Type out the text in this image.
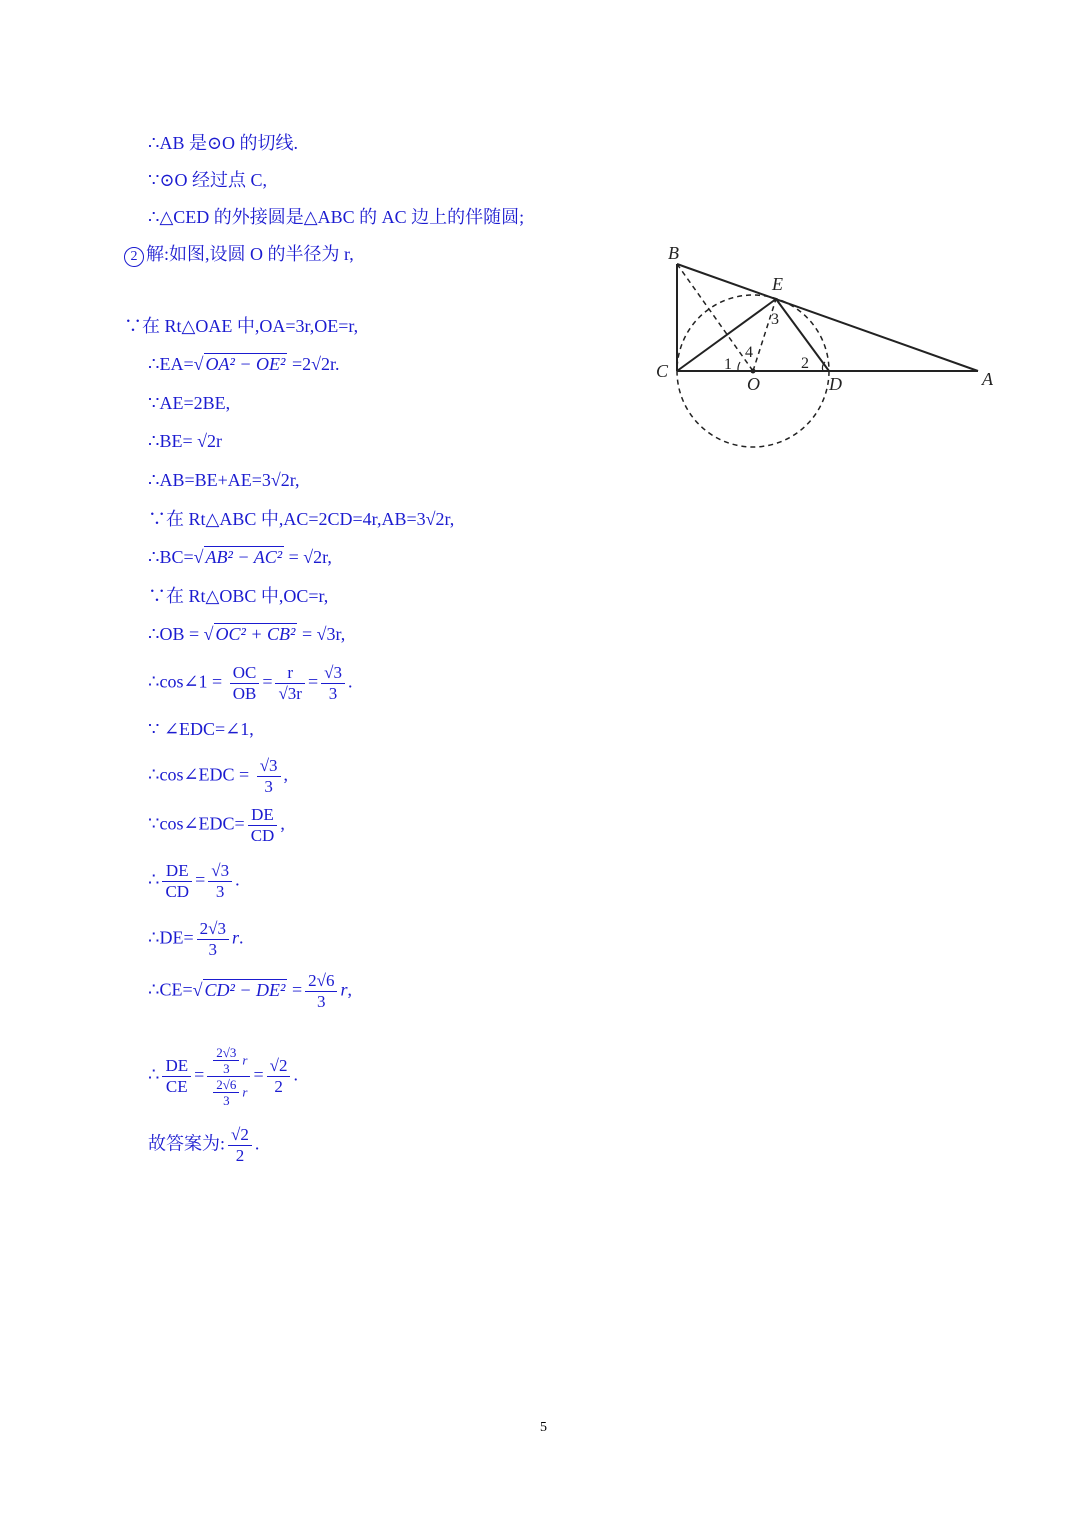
∴AB 是⊙O 的切线.
∵⊙O 经过点 C,
∴△CED 的外接圆是△ABC 的 AC 边上的伴随圆;
2 解:如图,设圆 O 的半径为 r,
∵在 Rt△OAE 中,OA=3r,OE=r,
∴EA=√ OA² − OE² =2√2r.
∵AE=2BE,
∴BE= √2r
∴AB=BE+AE=3√2r,
∵在 Rt△ABC 中,AC=2CD=4r,AB=3√2r,
∴BC=√ AB² − AC² = √2r,
∵在 Rt△OBC 中,OC=r,
∴OB = √ OC² + CB² = √3r,
∴cos∠1 = $\frac{OC}{OB} = \frac{r}{√3r} = \frac{√3}{3}$ .
∵ ∠EDC=∠1,
∴cos∠EDC = $\frac{√3}{3}$ ,
∵cos∠EDC= $\frac{DE}{CD}$ ,
∴ $\frac{DE}{CD} = \frac{√3}{3}$ .
∴DE= $\frac{2√3}{3} r$.
∴CE=√ $CD^2 - DE^2 = \frac{2√6}{3} r$,
∴ $\frac{DE}{CE} = \frac{\frac{2√3}{3} r}{\frac{2√6}{3} r} = \frac{√2}{2}$ .
故答案为: $\frac{√2}{2}$ .
B
E
C
O	D	A
1	2
3
4
5
